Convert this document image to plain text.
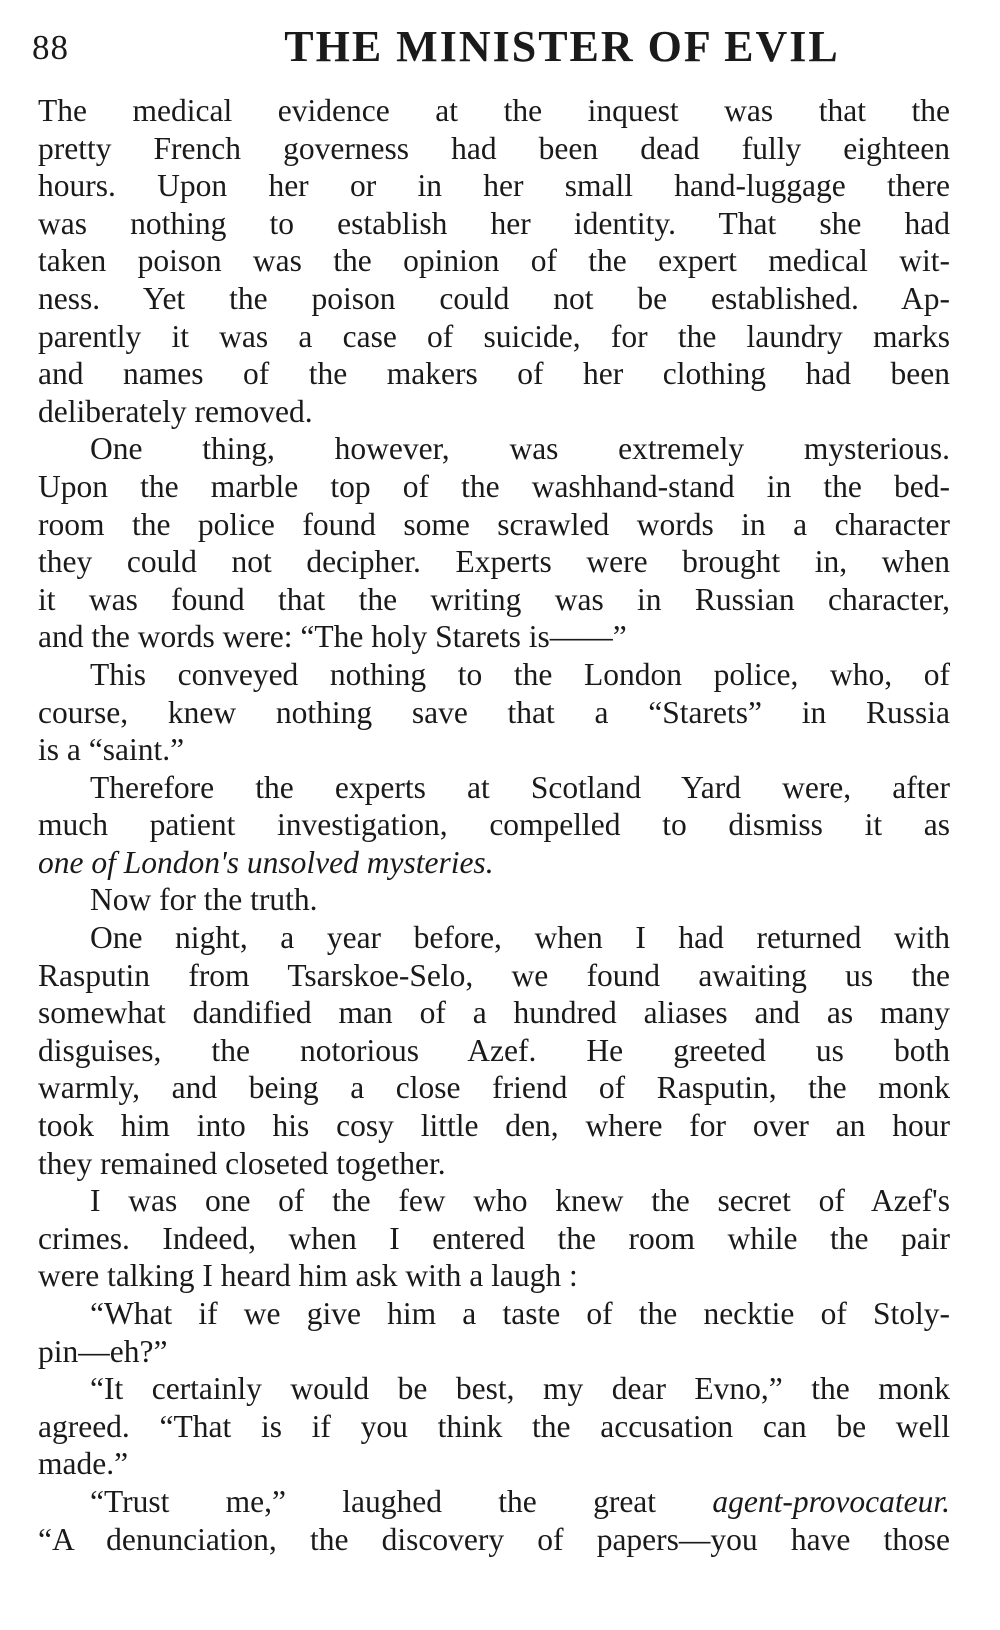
88	THE MINISTER OF EVIL
The medical evidence at the inquest was that the
pretty French governess had been dead fully eighteen
hours. Upon her or in her small hand-luggage there
was nothing to establish her identity. That she had
taken poison was the opinion of the expert medical wit-
ness. Yet the poison could not be established. Ap-
parently it was a case of suicide, for the laundry marks
and names of the makers of her clothing had been
deliberately removed.
One thing, however, was extremely mysterious.
Upon the marble top of the washhand-stand in the bed-
room the police found some scrawled words in a character
they could not decipher. Experts were brought in, when
it was found that the writing was in Russian character,
and the words were: “The holy Starets is——”
This conveyed nothing to the London police, who, of
course, knew nothing save that a “Starets” in Russia
is a “saint.”
Therefore the experts at Scotland Yard were, after
much patient investigation, compelled to dismiss it as
one of London's unsolved mysteries.
Now for the truth.
One night, a year before, when I had returned with
Rasputin from Tsarskoe-Selo, we found awaiting us the
somewhat dandified man of a hundred aliases and as many
disguises, the notorious Azef. He greeted us both
warmly, and being a close friend of Rasputin, the monk
took him into his cosy little den, where for over an hour
they remained closeted together.
I was one of the few who knew the secret of Azef's
crimes. Indeed, when I entered the room while the pair
were talking I heard him ask with a laugh :
“What if we give him a taste of the necktie of Stoly-
pin—eh?”
“It certainly would be best, my dear Evno,” the monk
agreed. “That is if you think the accusation can be well
made.”
“Trust me,” laughed the great agent-provocateur.
“A denunciation, the discovery of papers—you have those
